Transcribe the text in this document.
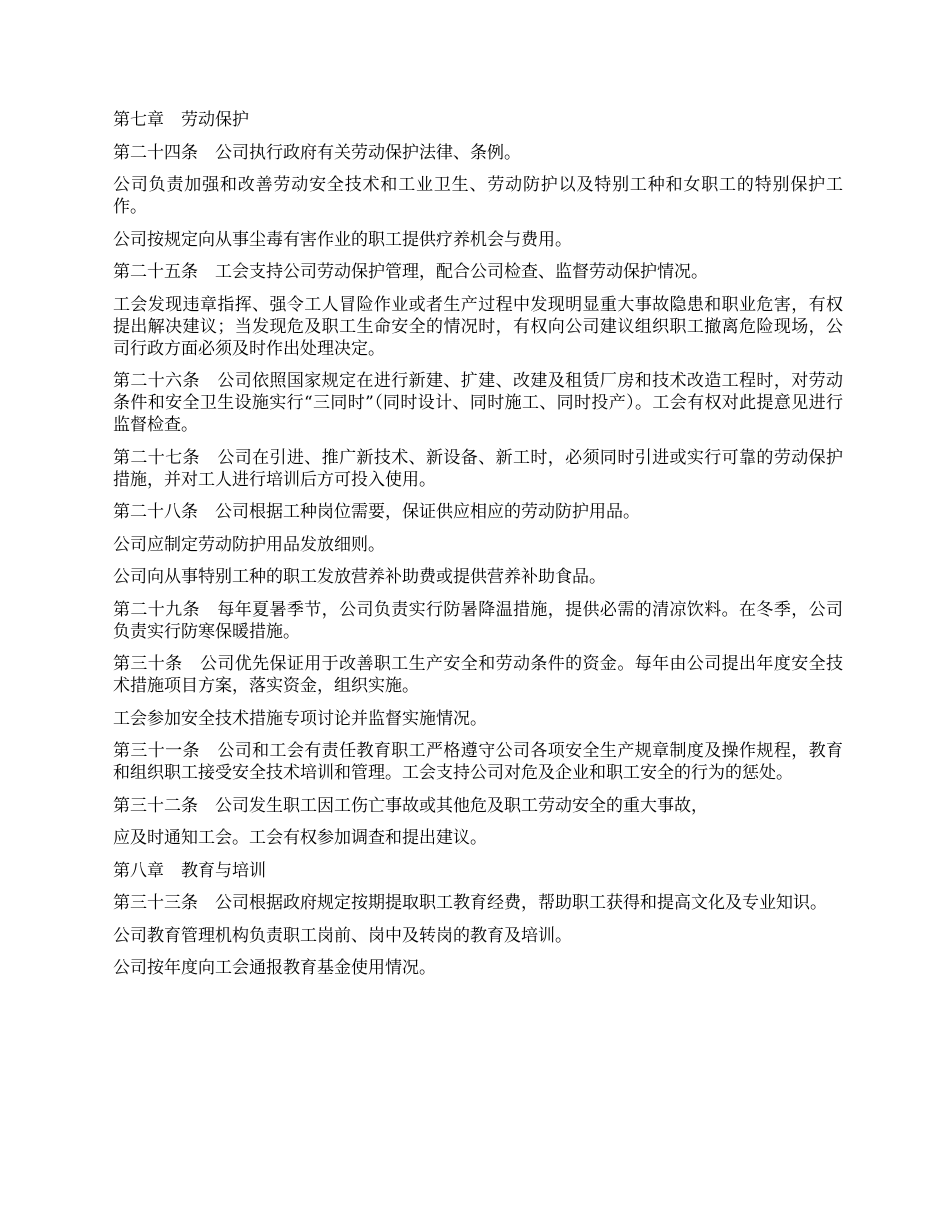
第七章　劳动保护

第二十四条　公司执行政府有关劳动保护法律、条例。

公司负责加强和改善劳动安全技术和工业卫生、劳动防护以及特别工种和女职工的特别保护工作。

公司按规定向从事尘毒有害作业的职工提供疗养机会与费用。

第二十五条　工会支持公司劳动保护管理，配合公司检查、监督劳动保护情况。

工会发现违章指挥、强令工人冒险作业或者生产过程中发现明显重大事故隐患和职业危害，有权提出解决建议；当发现危及职工生命安全的情况时，有权向公司建议组织职工撤离危险现场，公司行政方面必须及时作出处理决定。

第二十六条　公司依照国家规定在进行新建、扩建、改建及租赁厂房和技术改造工程时，对劳动条件和安全卫生设施实行“三同时”（同时设计、同时施工、同时投产）。工会有权对此提意见进行监督检查。

第二十七条　公司在引进、推广新技术、新设备、新工时，必须同时引进或实行可靠的劳动保护措施，并对工人进行培训后方可投入使用。

第二十八条　公司根据工种岗位需要，保证供应相应的劳动防护用品。

公司应制定劳动防护用品发放细则。

公司向从事特别工种的职工发放营养补助费或提供营养补助食品。

第二十九条　每年夏暑季节，公司负责实行防暑降温措施，提供必需的清凉饮料。在冬季，公司负责实行防寒保暖措施。

第三十条　公司优先保证用于改善职工生产安全和劳动条件的资金。每年由公司提出年度安全技术措施项目方案，落实资金，组织实施。

工会参加安全技术措施专项讨论并监督实施情况。

第三十一条　公司和工会有责任教育职工严格遵守公司各项安全生产规章制度及操作规程，教育和组织职工接受安全技术培训和管理。工会支持公司对危及企业和职工安全的行为的惩处。

第三十二条　公司发生职工因工伤亡事故或其他危及职工劳动安全的重大事故，

应及时通知工会。工会有权参加调查和提出建议。

第八章　教育与培训

第三十三条　公司根据政府规定按期提取职工教育经费，帮助职工获得和提高文化及专业知识。

公司教育管理机构负责职工岗前、岗中及转岗的教育及培训。

公司按年度向工会通报教育基金使用情况。
